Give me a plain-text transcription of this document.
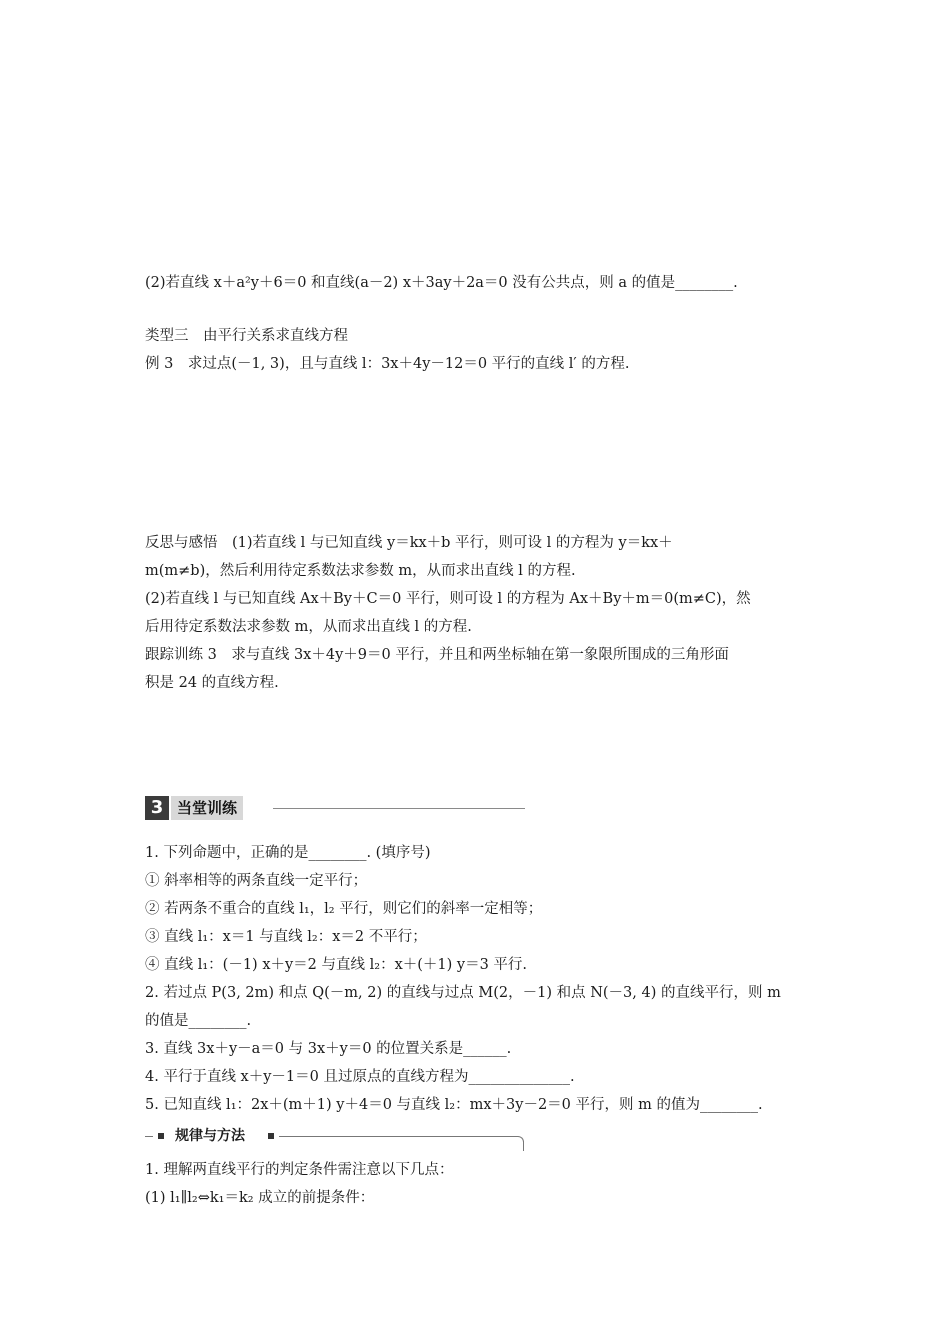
(2)若直线 x＋a²y＋6＝0 和直线(a－2) x＋3ay＋2a＝0 没有公共点，则 a 的值是________.
类型三　由平行关系求直线方程
例 3　求过点(－1, 3)，且与直线 l：3x＋4y－12＝0 平行的直线 l′ 的方程.
反思与感悟　(1)若直线 l 与已知直线 y＝kx＋b 平行，则可设 l 的方程为 y＝kx＋
m(m≠b)，然后利用待定系数法求参数 m，从而求出直线 l 的方程.
(2)若直线 l 与已知直线 Ax＋By＋C＝0 平行，则可设 l 的方程为 Ax＋By＋m＝0(m≠C)，然
后用待定系数法求参数 m，从而求出直线 l 的方程.
跟踪训练 3　求与直线 3x＋4y＋9＝0 平行，并且和两坐标轴在第一象限所围成的三角形面
积是 24 的直线方程.
3 当堂训练
1. 下列命题中，正确的是________. (填序号)
① 斜率相等的两条直线一定平行；
② 若两条不重合的直线 l₁，l₂ 平行，则它们的斜率一定相等；
③ 直线 l₁：x＝1 与直线 l₂：x＝2 不平行；
④ 直线 l₁：(－1) x＋y＝2 与直线 l₂：x＋(＋1) y＝3 平行.
2. 若过点 P(3, 2m) 和点 Q(－m, 2) 的直线与过点 M(2，－1) 和点 N(－3, 4) 的直线平行，则 m
的值是________.
3. 直线 3x＋y－a＝0 与 3x＋y＝0 的位置关系是______.
4. 平行于直线 x＋y－1＝0 且过原点的直线方程为______________.
5. 已知直线 l₁：2x＋(m＋1) y＋4＝0 与直线 l₂：mx＋3y－2＝0 平行，则 m 的值为________.
规律与方法
1. 理解两直线平行的判定条件需注意以下几点：
(1) l₁∥l₂⇔k₁＝k₂ 成立的前提条件：
